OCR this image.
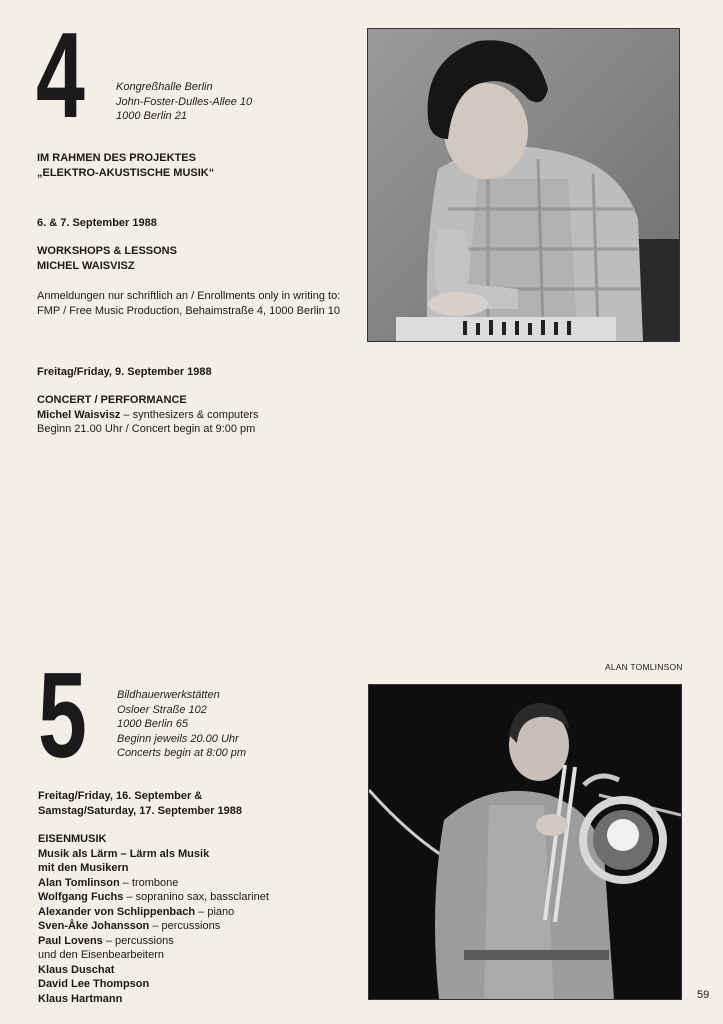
4	Kongreßhalle Berlin
John-Foster-Dulles-Allee 10
1000 Berlin 21
IM RAHMEN DES PROJEKTES
„ELEKTRO-AKUSTISCHE MUSIK“
6. & 7. September 1988
WORKSHOPS & LESSONS
MICHEL WAISVISZ
Anmeldungen nur schriftlich an / Enrollments only in writing to:
FMP / Free Music Production, Behaimstraße 4, 1000 Berlin 10
Freitag/Friday, 9. September 1988
CONCERT / PERFORMANCE
Michel Waisvisz – synthesizers & computers
Beginn 21.00 Uhr / Concert begin at 9:00 pm
5	Bildhauerwerkstätten
Osloer Straße 102
1000 Berlin 65
Beginn jeweils 20.00 Uhr
Concerts begin at 8:00 pm
Freitag/Friday, 16. September &
Samstag/Saturday, 17. September 1988
EISENMUSIK
Musik als Lärm – Lärm als Musik
mit den Musikern
Alan Tomlinson – trombone
Wolfgang Fuchs – sopranino sax, bassclarinet
Alexander von Schlippenbach – piano
Sven-Åke Johansson – percussions
Paul Lovens – percussions
und den Eisenbearbeitern
Klaus Duschat
David Lee Thompson
Klaus Hartmann
ALAN TOMLINSON
59
